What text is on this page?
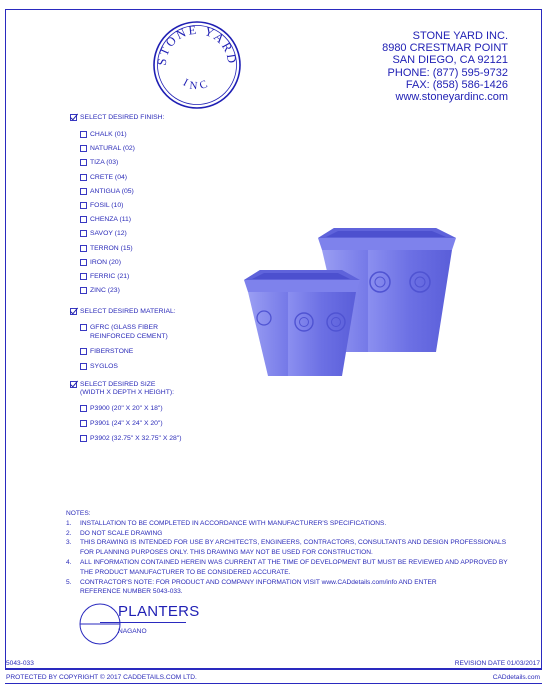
STONE YARD
INC
STONE YARD INC.
8980 CRESTMAR POINT
SAN DIEGO, CA 92121
PHONE: (877) 595-9732
FAX: (858) 586-1426
www.stoneyardinc.com
SELECT DESIRED FINISH:
CHALK (01)
NATURAL (02)
TIZA (03)
CRETE (04)
ANTIGUA (05)
FOSIL (10)
CHENZA (11)
SAVOY (12)
TERRON (15)
IRON (20)
FERRIC (21)
ZINC (23)
SELECT DESIRED MATERIAL:
GFRC (GLASS FIBER
REINFORCED CEMENT)
FIBERSTONE
SYGLOS
SELECT DESIRED SIZE
(WIDTH X DEPTH X HEIGHT):
P3900 (20" X 20" X 18")
P3901 (24" X 24" X 20")
P3902 (32.75" X 32.75" X 28")
NOTES:
1.	INSTALLATION TO BE COMPLETED IN ACCORDANCE WITH MANUFACTURER'S SPECIFICATIONS.
2.	DO NOT SCALE DRAWING
3.	THIS DRAWING IS INTENDED FOR USE BY ARCHITECTS, ENGINEERS, CONTRACTORS, CONSULTANTS AND DESIGN PROFESSIONALS
FOR PLANNING PURPOSES ONLY. THIS DRAWING MAY NOT BE USED FOR CONSTRUCTION.
4.	ALL INFORMATION CONTAINED HEREIN WAS CURRENT AT THE TIME OF DEVELOPMENT BUT MUST BE REVIEWED AND APPROVED BY
THE PRODUCT MANUFACTURER TO BE CONSIDERED ACCURATE.
5.	CONTRACTOR'S NOTE: FOR PRODUCT AND COMPANY INFORMATION VISIT www.CADdetails.com/info AND ENTER
REFERENCE NUMBER 5043-033.
PLANTERS
NAGANO
5043-033	REVISION DATE 01/03/2017
PROTECTED BY COPYRIGHT © 2017 CADDETAILS.COM LTD.	CADdetails.com
